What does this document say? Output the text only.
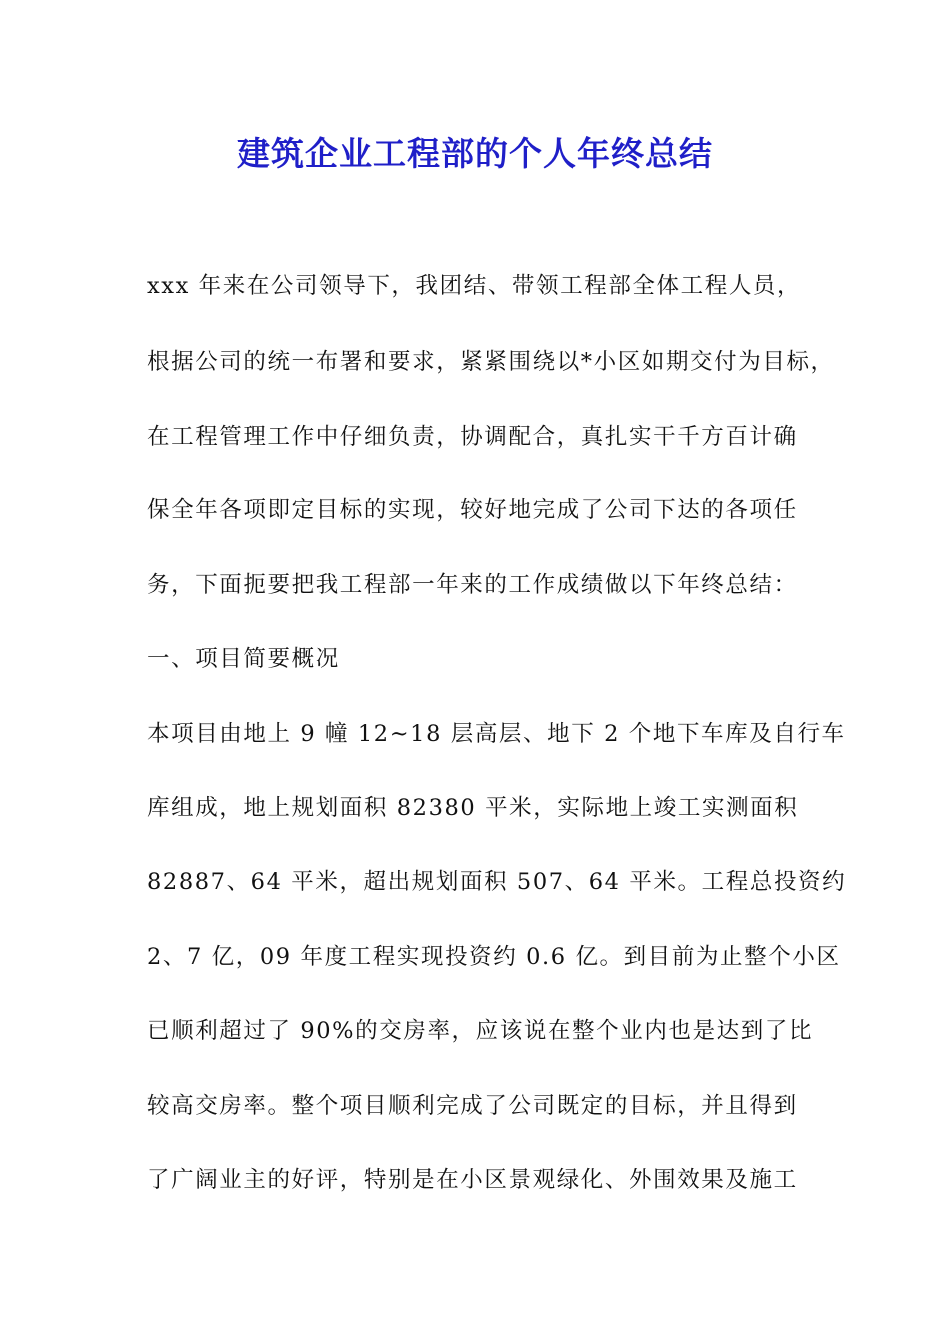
建筑企业工程部的个人年终总结
xxx 年来在公司领导下，我团结、带领工程部全体工程人员，
根据公司的统一布署和要求，紧紧围绕以*小区如期交付为目标，
在工程管理工作中仔细负责，协调配合，真扎实干千方百计确
保全年各项即定目标的实现，较好地完成了公司下达的各项任
务，下面扼要把我工程部一年来的工作成绩做以下年终总结：
一、项目简要概况
本项目由地上 9 幢 12~18 层高层、地下 2 个地下车库及自行车
库组成，地上规划面积 82380 平米，实际地上竣工实测面积
82887、64 平米，超出规划面积 507、64 平米。工程总投资约
2、7 亿，09 年度工程实现投资约 0.6 亿。到目前为止整个小区
已顺利超过了 90%的交房率，应该说在整个业内也是达到了比
较高交房率。整个项目顺利完成了公司既定的目标，并且得到
了广阔业主的好评，特别是在小区景观绿化、外围效果及施工
